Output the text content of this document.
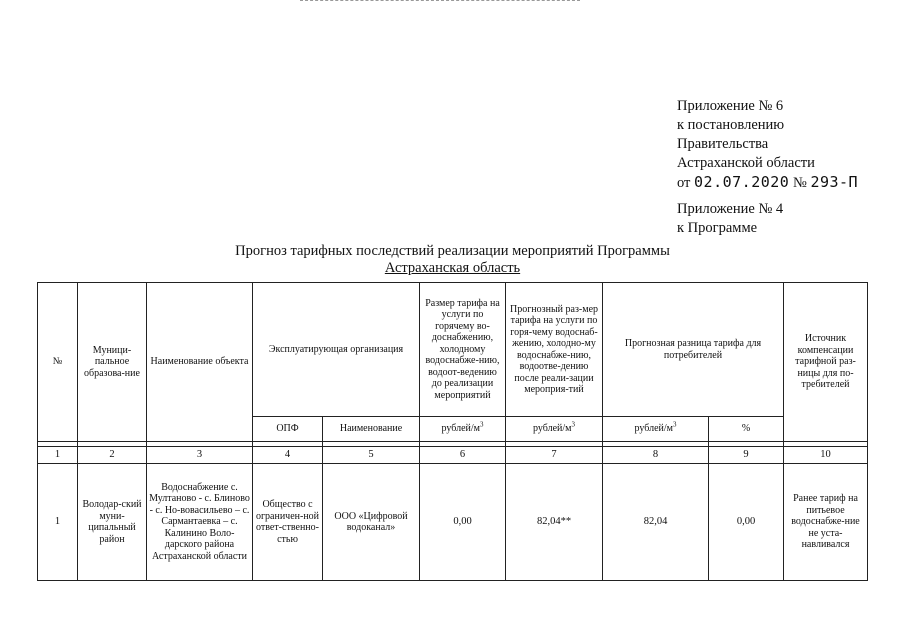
Приложение № 6
к постановлению
Правительства
Астраханской области
от 02.07.2020 № 293-П
Приложение № 4
к Программе
Прогноз тарифных последствий реализации мероприятий Программы
Астраханская область
№	Муници-пальное образова-ние	Наименование объекта	Эксплуатирующая организация		Размер тарифа на услуги по горячему во-доснабжению, холодному водоснабже-нию, водоот-ведению до реализации мероприятий	Прогнозный раз-мер тарифа на услуги по горя-чему водоснаб-жению, холодно-му водоснабже-нию, водоотве-дению после реали-зации мероприя-тий	Прогнозная разница тарифа для потребителей		Источник компенсации тарифной раз-ницы для по-требителей
			ОПФ	Наименование	рублей/$м^3$	рублей/$м^3$	рублей/$м^3$	%	

1	2	3	4	5	6	7	8	9	10
1	Володар-ский муни-ципальный район	Водоснабжение с. Мултаново - с. Блиново - с. Но-вовасильево – с. Сармантаевка – с. Калинино Воло-дарского района Астраханской области	Общество с ограничен-ной ответ-ственно-стью	ООО «Цифровой водоканал»	0,00	82,04**	82,04	0,00	Ранее тариф на питьевое водоснабже-ние не уста-навливался
